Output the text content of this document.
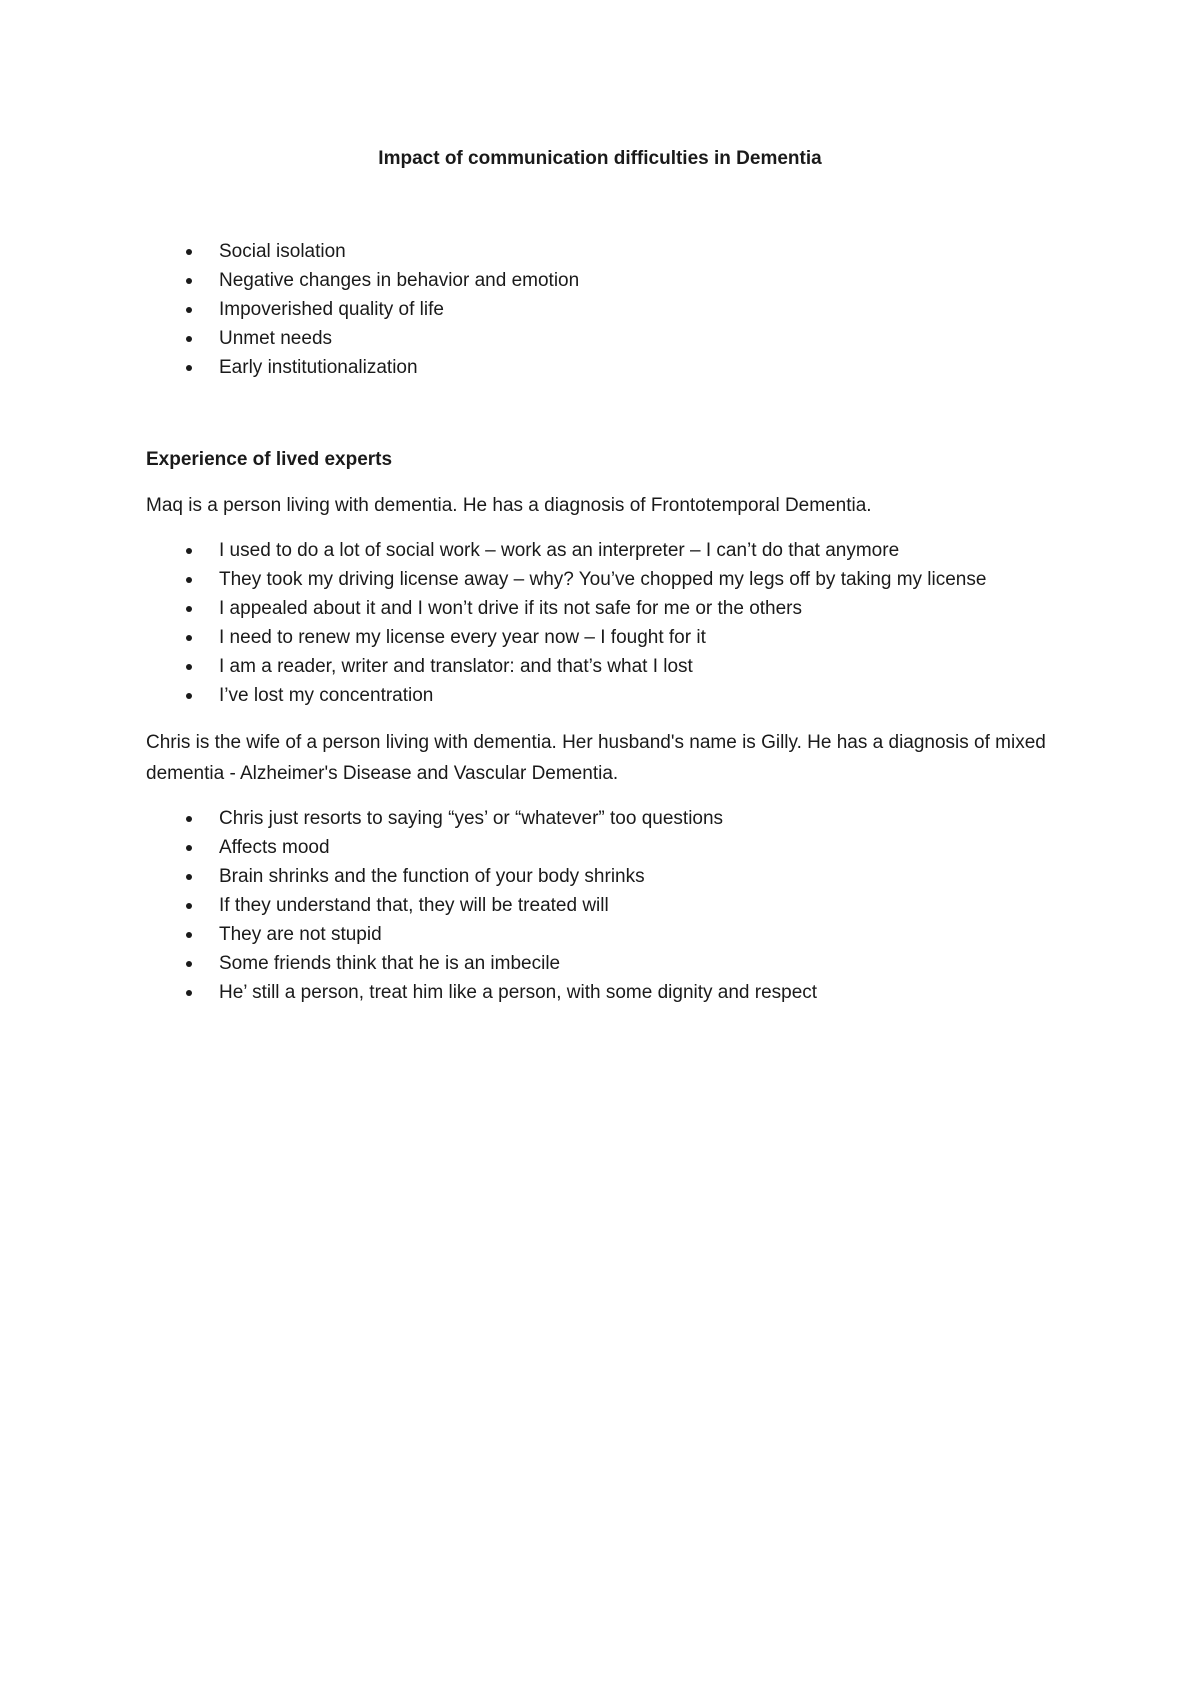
Impact of communication difficulties in Dementia
Social isolation
Negative changes in behavior and emotion
Impoverished quality of life
Unmet needs
Early institutionalization
Experience of lived experts
Maq is a person living with dementia. He has a diagnosis of Frontotemporal Dementia.
I used to do a lot of social work – work as an interpreter – I can’t do that anymore
They took my driving license away – why? You’ve chopped my legs off by taking my license
I appealed about it and I won’t drive if its not safe for me or the others
I need to renew my license every year now – I fought for it
I am a reader, writer and translator: and that’s what I lost
I’ve lost my concentration
Chris is the wife of a person living with dementia. Her husband's name is Gilly. He has a diagnosis of mixed dementia - Alzheimer's Disease and Vascular Dementia.
Chris just resorts to saying “yes’ or “whatever” too questions
Affects mood
Brain shrinks and the function of your body shrinks
If they understand that, they will be treated will
They are not stupid
Some friends think that he is an imbecile
He’ still a person, treat him like a person, with some dignity and respect
